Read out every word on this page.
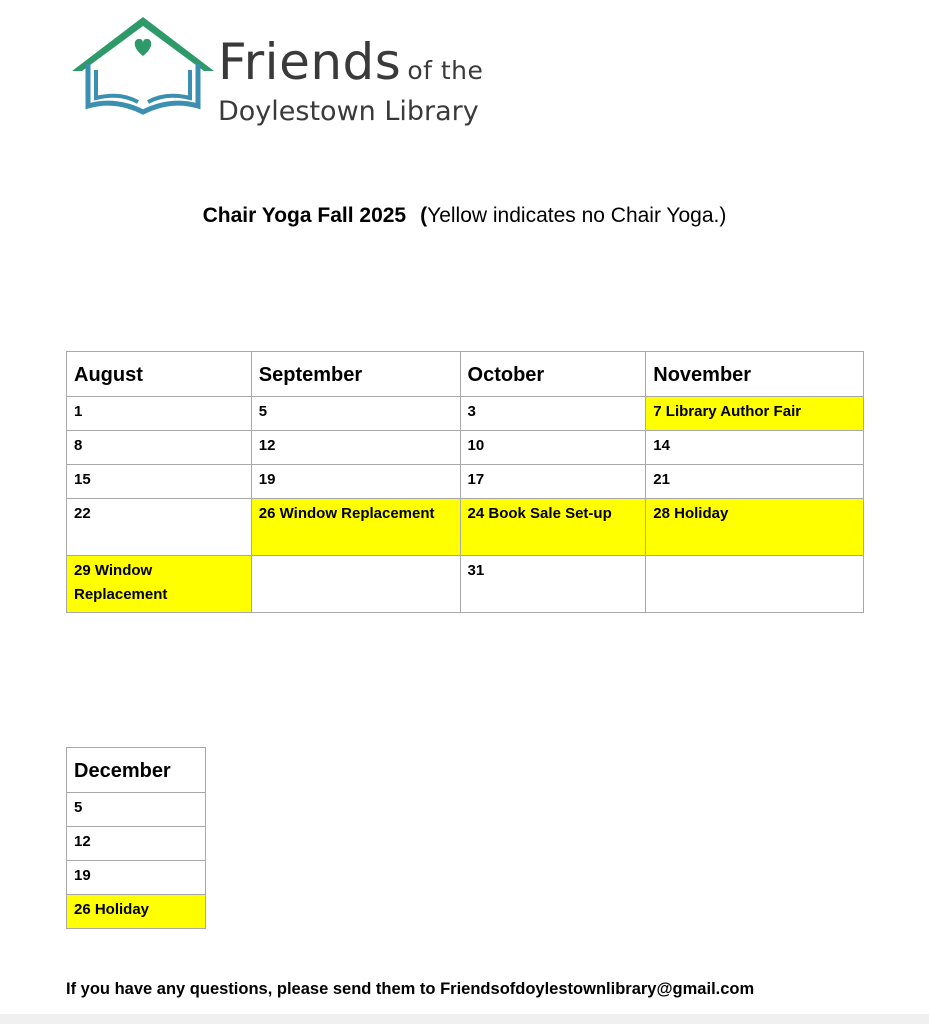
Friends of the
Doylestown Library
Chair Yoga Fall 2025 (Yellow indicates no Chair Yoga.)
August	September	October	November
1	5	3	7 Library Author Fair
8	12	10	14
15	19	17	21
22	26 Window Replacement	24 Book Sale Set-up	28 Holiday
29 Window Replacement		31	
December
5
12
19
26 Holiday
If you have any questions, please send them to Friendsofdoylestownlibrary@gmail.com
